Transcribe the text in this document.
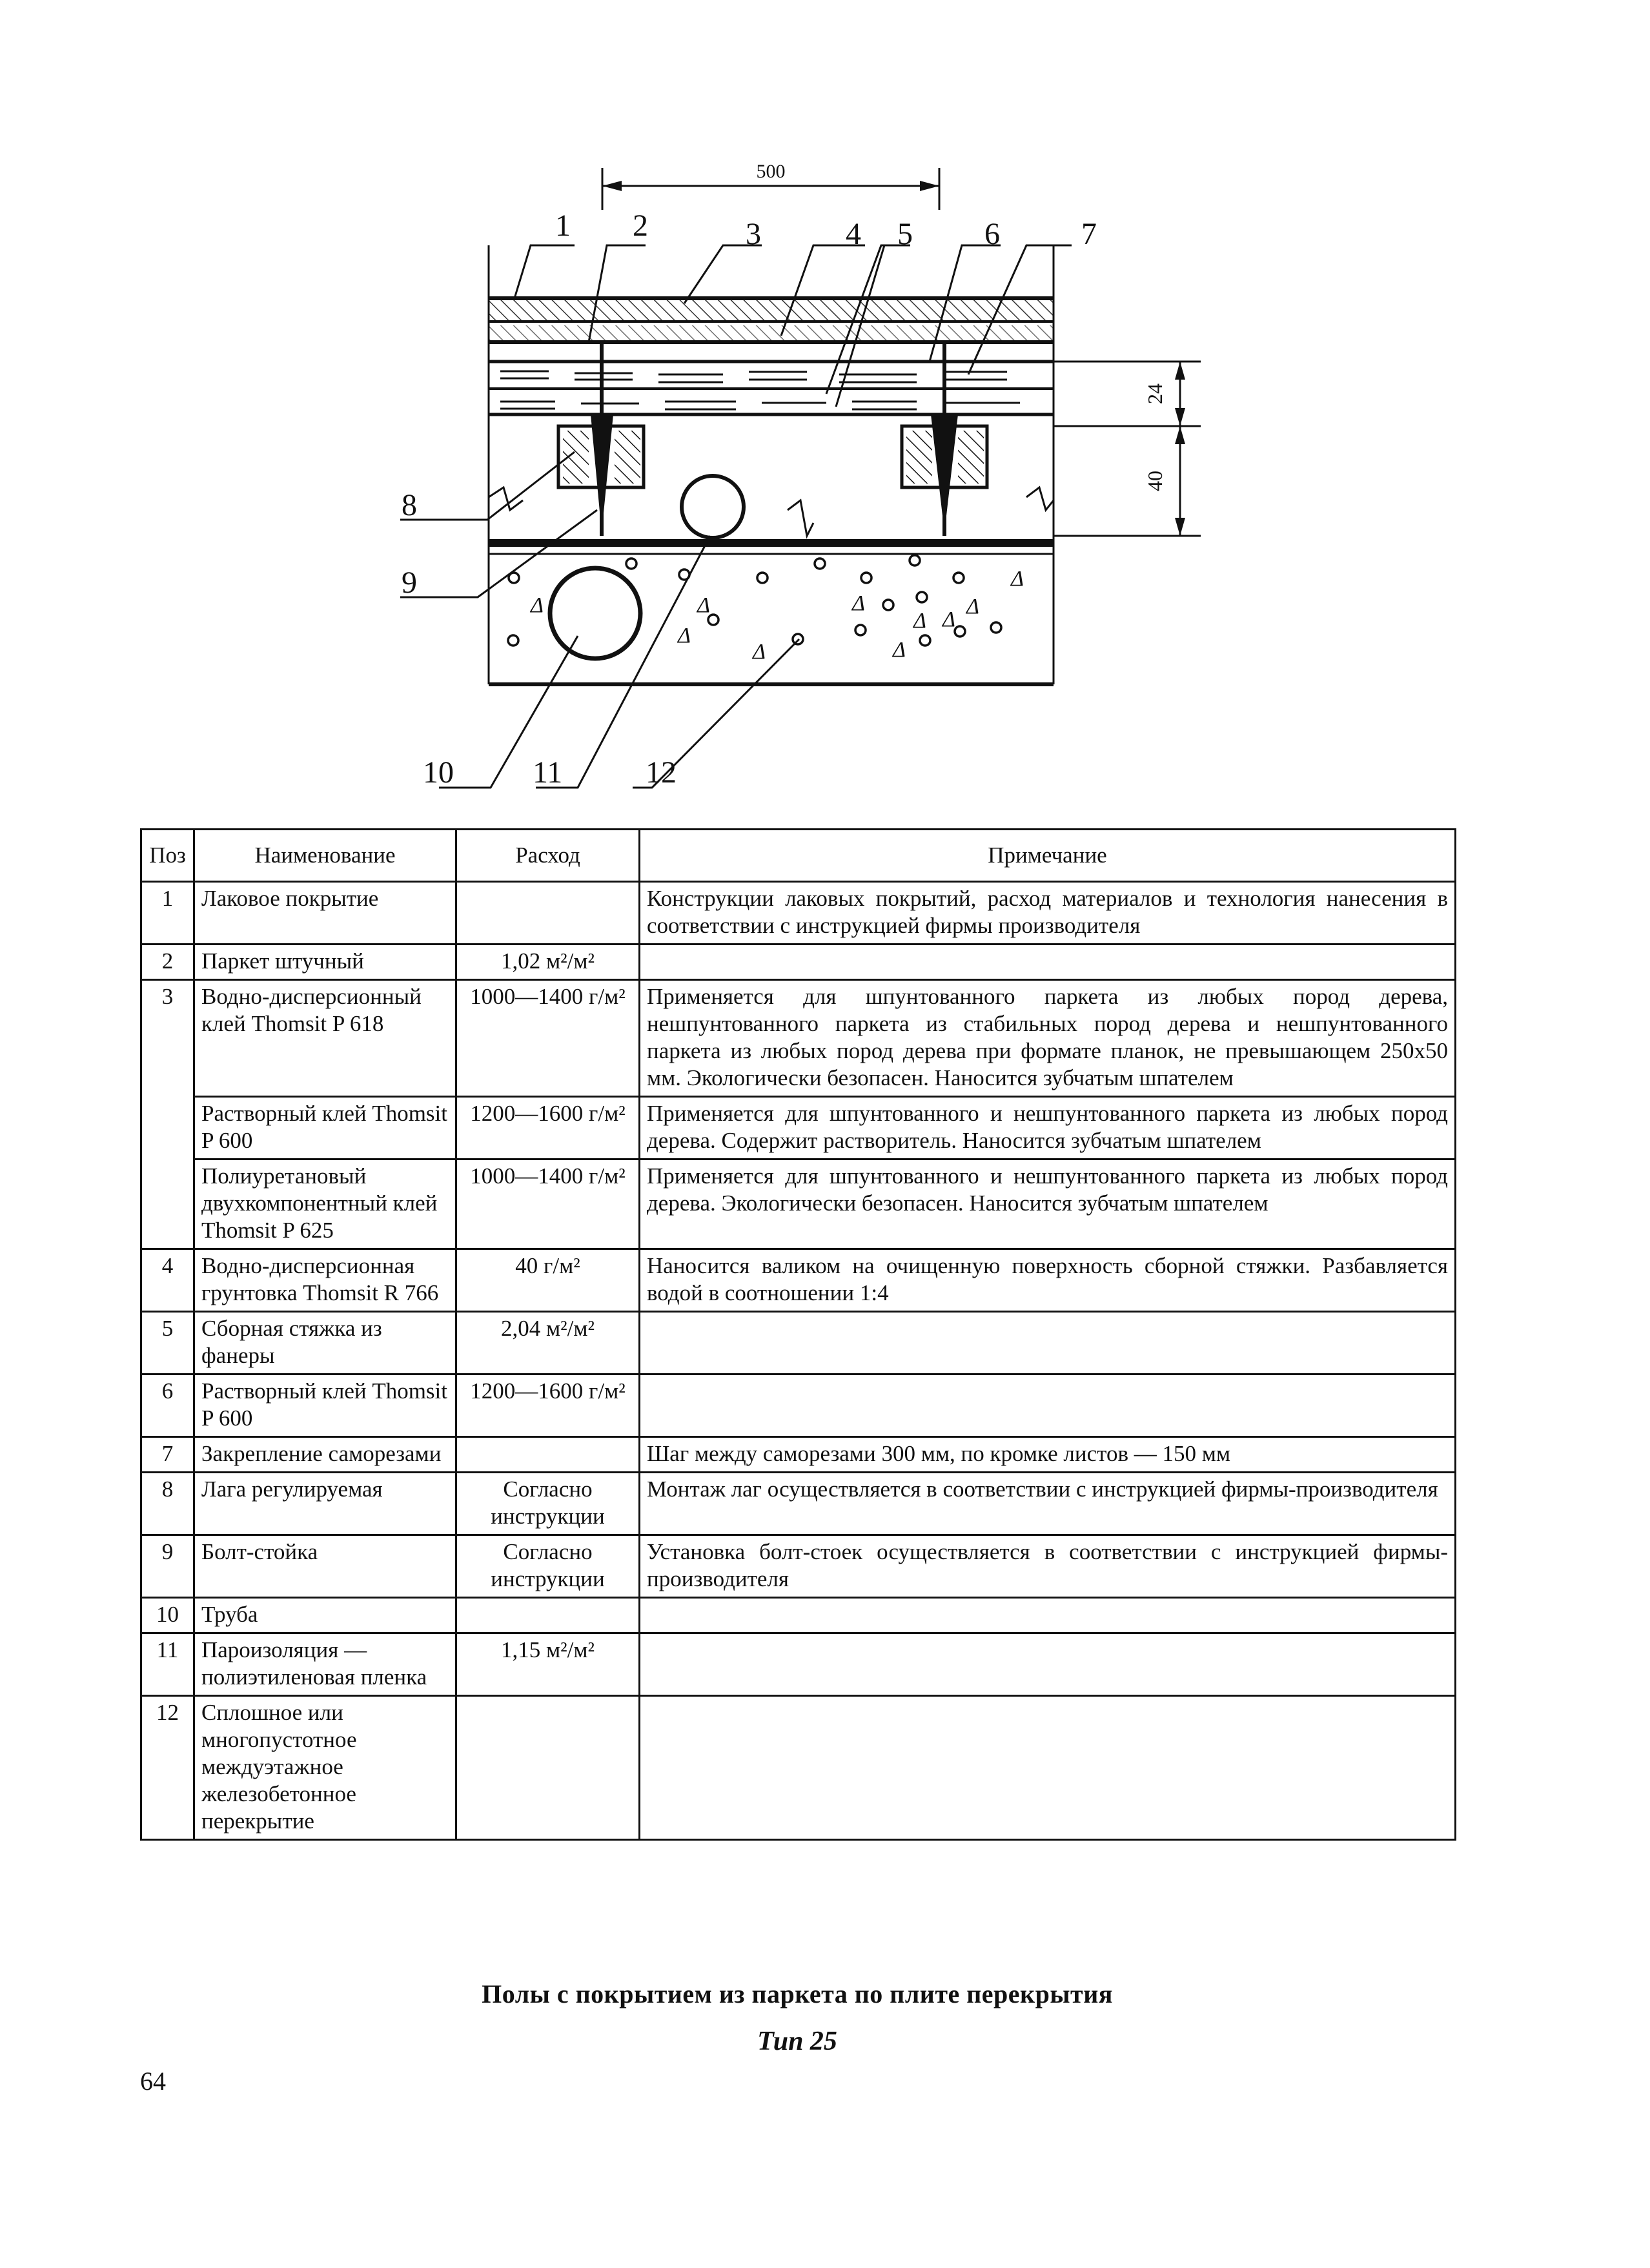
500
24
40
Δ	Δ	Δ
Δ
Δ Δ
Δ
Δ
Δ
Δ
1 2	3	4 5 6	7
8
9
10	11	12
Поз	Наименование	Расход	Примечание
1	Лаковое покрытие		Конструкции лаковых покрытий, расход материалов и технология нанесения в соответствии с инструкцией фирмы производителя
2	Паркет штучный	1,02 м²/м²	
3	Водно-дисперсионный клей Thomsit P 618	1000—1400 г/м²	Применяется для шпунтованного паркета из любых пород дерева, нешпунтованного паркета из стабильных пород дерева и нешпунтованного паркета из любых пород дерева при формате планок, не превышающем 250x50 мм. Экологически безопасен. Наносится зубчатым шпателем
	Растворный клей Thomsit P 600	1200—1600 г/м²	Применяется для шпунтованного и нешпунтованного паркета из любых пород дерева. Содержит растворитель. Наносится зубчатым шпателем
	Полиуретановый двухкомпонентный клей Thomsit P 625	1000—1400 г/м²	Применяется для шпунтованного и нешпунтованного паркета из любых пород дерева. Экологически безопасен. Наносится зубчатым шпателем
4	Водно-дисперсионная грунтовка Thomsit R 766	40 г/м²	Наносится валиком на очищенную поверхность сборной стяжки. Разбавляется водой в соотношении 1:4
5	Сборная стяжка из фанеры	2,04 м²/м²	
6	Растворный клей Thomsit P 600	1200—1600 г/м²	
7	Закрепление саморезами		Шаг между саморезами 300 мм, по кромке листов — 150 мм
8	Лага регулируемая	Согласно инструкции	Монтаж лаг осуществляется в соответствии с инструкцией фирмы-производителя
9	Болт-стойка	Согласно инструкции	Установка болт-стоек осуществляется в соответствии с инструкцией фирмы-производителя
10	Труба		
11	Пароизоляция — полиэтиленовая пленка	1,15 м²/м²	
12	Сплошное или многопустотное междуэтажное железобетонное перекрытие		
Полы с покрытием из паркета по плите перекрытия
Тип 25
64
